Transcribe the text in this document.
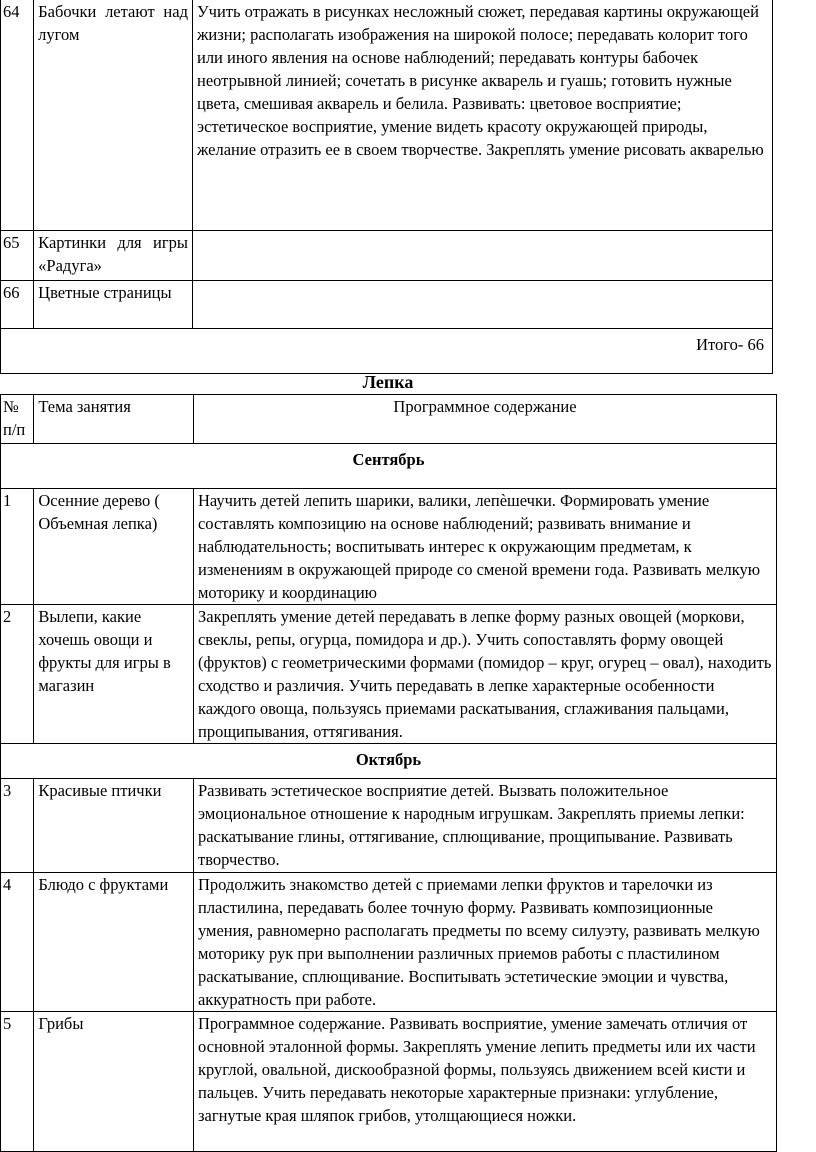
64	Бабочки летают над лугом	Учить отражать в рисунках несложный сюжет, передавая картины окружающей жизни; располагать изображения на широкой полосе; передавать колорит того или иного явления на основе наблюдений; передавать контуры бабочек
неотрывной линией; сочетать в рисунке акварель и гуашь; готовить нужные цвета, смешивая акварель и белила. Развивать: цветовое восприятие; эстетическое восприятие, умение видеть красоту окружающей природы, желание отразить ее в своем творчестве. Закреплять умение рисовать акварелью

65	Картинки для игры «Радуга»	
66	Цветные страницы	
Итого- 66		
Лепка
№ п/п	Тема занятия	Программное содержание
Сентябрь		
1	Осенние дерево ( Объемная лепка)	Научить детей лепить шарики, валики, лепѐшечки. Формировать умение составлять композицию на основе наблюдений; развивать внимание и наблюдательность; воспитывать интерес к окружающим предметам, к изменениям в окружающей природе со сменой времени года. Развивать мелкую моторику и координацию
2	Вылепи, какие хочешь овощи и фрукты для игры в магазин	Закреплять умение детей передавать в лепке форму разных овощей (моркови, свеклы, репы, огурца, помидора и др.). Учить сопоставлять форму овощей (фруктов) с геометрическими формами (помидор – круг, огурец – овал), находить сходство и различия. Учить передавать в лепке характерные особенности каждого овоща, пользуясь приемами раскатывания, сглаживания пальцами, прощипывания, оттягивания.
Октябрь		
3	Красивые птички	Развивать эстетическое восприятие детей. Вызвать положительное эмоциональное отношение к народным игрушкам. Закреплять приемы лепки: раскатывание глины, оттягивание, сплющивание, прощипывание. Развивать творчество.
4	Блюдо с фруктами	Продолжить знакомство детей с приемами лепки фруктов и тарелочки из пластилина, передавать более точную форму. Развивать композиционные умения, равномерно располагать предметы по всему силуэту, развивать мелкую моторику рук при выполнении различных приемов работы с пластилином раскатывание, сплющивание. Воспитывать эстетические эмоции и чувства, аккуратность при работе.
5	Грибы	Программное содержание. Развивать восприятие, умение замечать отличия от основной эталонной формы. Закреплять умение лепить предметы или их части круглой, овальной, дискообразной формы, пользуясь движением всей кисти и пальцев. Учить передавать некоторые характерные признаки: углубление, загнутые края шляпок грибов, утолщающиеся ножки.
